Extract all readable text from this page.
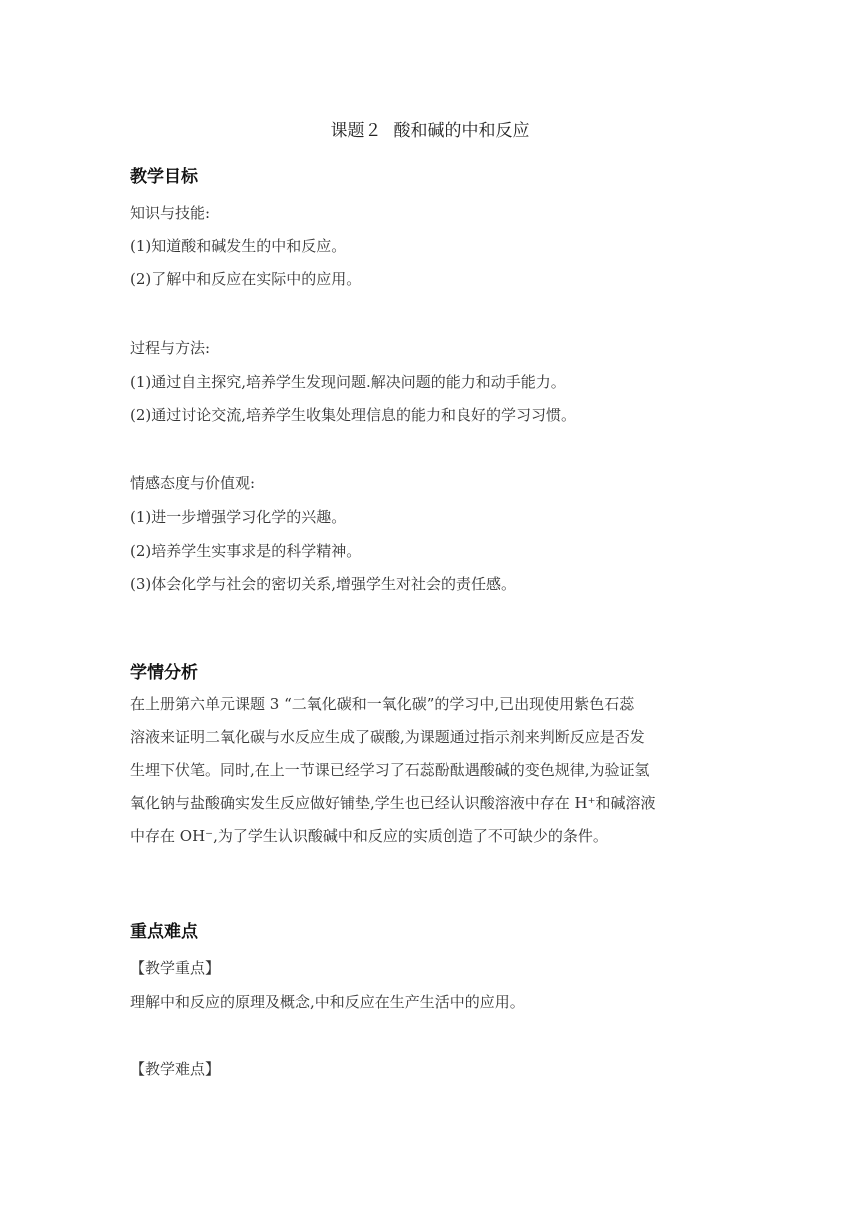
课题２ 酸和碱的中和反应
教学目标
知识与技能:
(1)知道酸和碱发生的中和反应。
(2)了解中和反应在实际中的应用。
过程与方法:
(1)通过自主探究,培养学生发现问题.解决问题的能力和动手能力。
(2)通过讨论交流,培养学生收集处理信息的能力和良好的学习习惯。
情感态度与价值观:
(1)进一步增强学习化学的兴趣。
(2)培养学生实事求是的科学精神。
(3)体会化学与社会的密切关系,增强学生对社会的责任感。
学情分析
在上册第六单元课题 3 “二氧化碳和一氧化碳”的学习中,已出现使用紫色石蕊
溶液来证明二氧化碳与水反应生成了碳酸,为课题通过指示剂来判断反应是否发
生埋下伏笔。同时,在上一节课已经学习了石蕊酚酞遇酸碱的变色规律,为验证氢
氧化钠与盐酸确实发生反应做好铺垫,学生也已经认识酸溶液中存在 H⁺和碱溶液
中存在 OH⁻,为了学生认识酸碱中和反应的实质创造了不可缺少的条件。
重点难点
【教学重点】
理解中和反应的原理及概念,中和反应在生产生活中的应用。
【教学难点】
